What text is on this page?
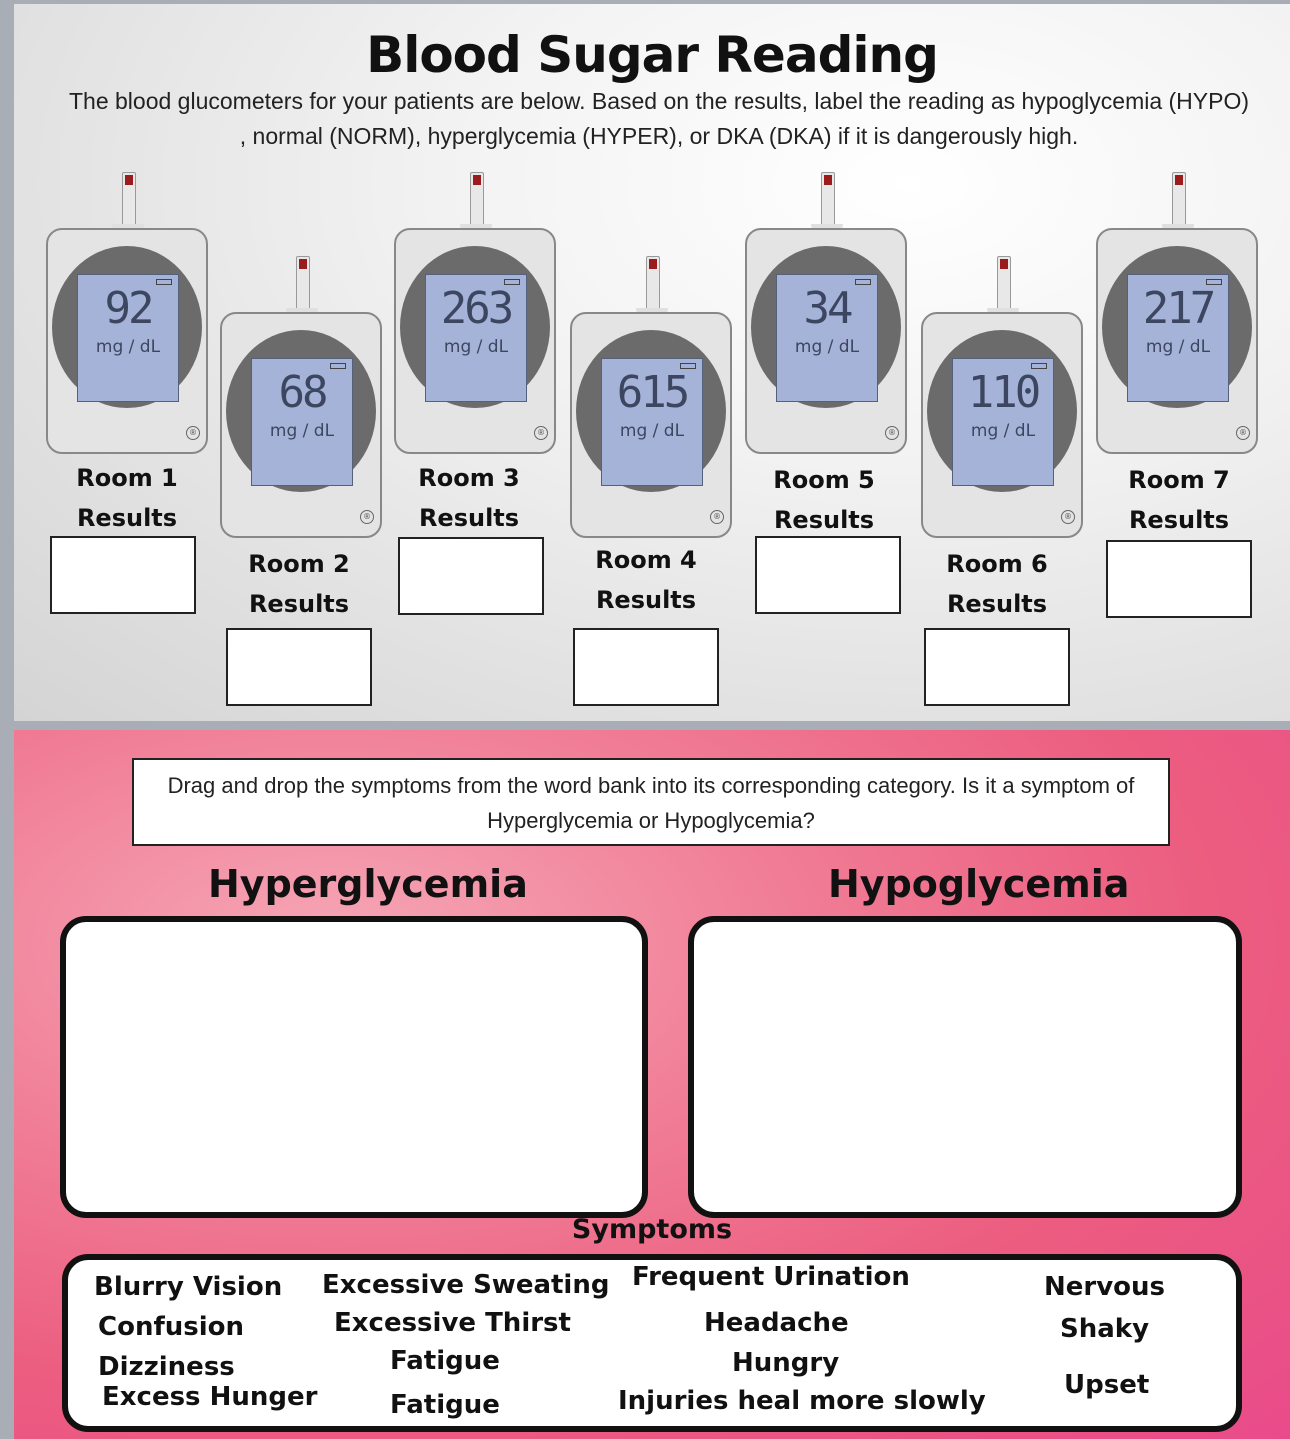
Blood Sugar Reading
The blood glucometers for your patients are below. Based on the results, label the reading as hypoglycemia (HYPO) , normal (NORM), hyperglycemia (HYPER), or DKA (DKA) if it is dangerously high.
92
mg / dL
®
68
mg / dL
®
263
mg / dL
®
615
mg / dL
®
34
mg / dL
®
110
mg / dL
®
217
mg / dL
®
Room 1
Results
Room 2
Results
Room 3
Results
Room 4
Results
Room 5
Results
Room 6
Results
Room 7
Results
Drag and drop the symptoms from the word bank into its corresponding category. Is it a symptom of Hyperglycemia or Hypoglycemia?
Hyperglycemia	Hypoglycemia
Symptoms
Blurry Vision
Confusion
Dizziness
Excess Hunger
Excessive Sweating
Excessive Thirst
Fatigue
Fatigue
Frequent Urination
Headache
Hungry
Injuries heal more slowly
Nervous
Shaky
Upset
